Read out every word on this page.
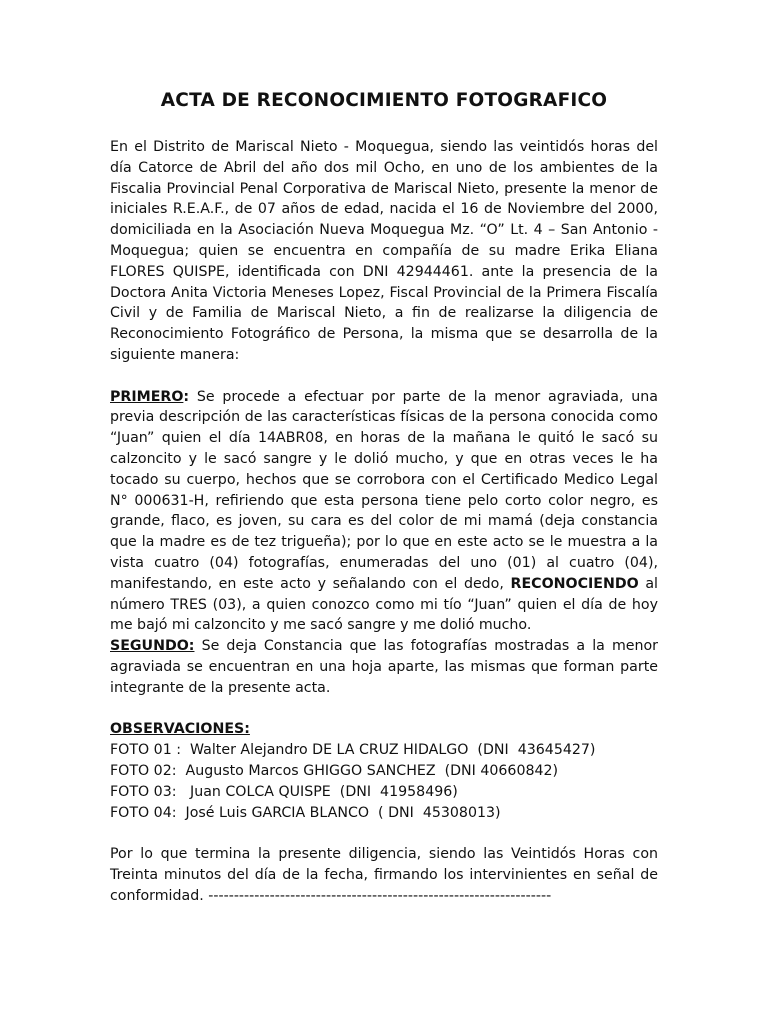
ACTA DE RECONOCIMIENTO FOTOGRAFICO

En el Distrito de Mariscal Nieto - Moquegua, siendo las veintidós horas del día Catorce de Abril del año dos mil Ocho, en uno de los ambientes de la Fiscalia Provincial Penal Corporativa de Mariscal Nieto, presente la menor de iniciales R.E.A.F., de 07 años de edad, nacida el 16 de Noviembre del 2000, domiciliada en la Asociación Nueva Moquegua Mz. “O” Lt. 4 – San Antonio - Moquegua; quien se encuentra en compañía de su madre Erika Eliana FLORES QUISPE, identificada con DNI 42944461. ante la presencia de la Doctora Anita Victoria Meneses Lopez, Fiscal Provincial de la Primera Fiscalía Civil y de Familia de Mariscal Nieto, a fin de realizarse la diligencia de Reconocimiento Fotográfico de Persona, la misma que se desarrolla de la siguiente manera:

PRIMERO: Se procede a efectuar por parte de la menor agraviada, una previa descripción de las características físicas de la persona conocida como “Juan” quien el día 14ABR08, en horas de la mañana le quitó le sacó su calzoncito y le sacó sangre y le dolió mucho, y que en otras veces le ha tocado su cuerpo, hechos que se corrobora con el Certificado Medico Legal N° 000631-H, refiriendo que esta persona tiene pelo corto color negro, es grande, flaco, es joven, su cara es del color de mi mamá (deja constancia que la madre es de tez trigueña); por lo que en este acto se le muestra a la vista cuatro (04) fotografías, enumeradas del uno (01) al cuatro (04), manifestando, en este acto y señalando con el dedo, RECONOCIENDO al número TRES (03), a quien conozco como mi tío “Juan” quien el día de hoy me bajó mi calzoncito y me sacó sangre y me dolió mucho.

SEGUNDO: Se deja Constancia que las fotografías mostradas a la menor agraviada se encuentran en una hoja aparte, las mismas que forman parte integrante de la presente acta.

OBSERVACIONES:

FOTO 01 :  Walter Alejandro DE LA CRUZ HIDALGO  (DNI  43645427)

FOTO 02:  Augusto Marcos GHIGGO SANCHEZ  (DNI 40660842)

FOTO 03:   Juan COLCA QUISPE  (DNI  41958496)

FOTO 04:  José Luis GARCIA BLANCO  ( DNI  45308013)

Por lo que termina la presente diligencia, siendo las Veintidós Horas con Treinta minutos del día de la fecha, firmando los intervinientes en señal de conformidad. -------------------------------------------------------------------
